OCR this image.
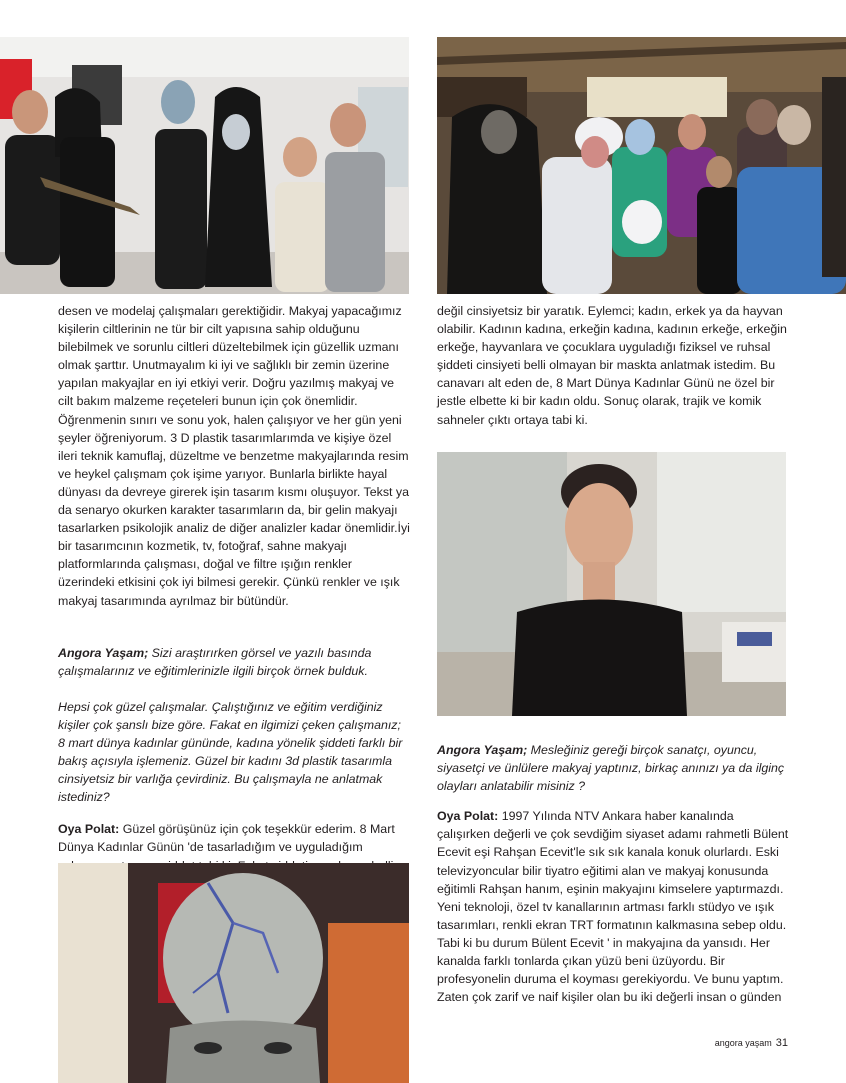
desen ve modelaj çalışmaları gerektiğidir. Makyaj yapacağımız kişilerin ciltlerinin ne tür bir cilt yapısına sahip olduğunu bilebilmek ve sorunlu ciltleri düzeltebilmek için güzellik uzmanı olmak şarttır. Unutmayalım ki iyi ve sağlıklı bir zemin üzerine yapılan makyajlar en iyi etkiyi verir. Doğru yazılmış makyaj ve cilt bakım malzeme reçeteleri bunun için çok önemlidir. Öğrenmenin sınırı ve sonu yok, halen çalışıyor ve her gün yeni şeyler öğreniyorum. 3 D plastik tasarımlarımda ve kişiye özel ileri teknik kamuflaj, düzeltme ve benzetme makyajlarında resim ve heykel çalışmam çok işime yarıyor. Bunlarla birlikte hayal dünyası da devreye girerek işin tasarım kısmı oluşuyor. Tekst ya da senaryo okurken karakter tasarımların da, bir gelin makyajı tasarlarken psikolojik analiz de diğer analizler kadar önemlidir.İyi bir tasarımcının kozmetik, tv, fotoğraf, sahne makyajı platformlarında çalışması, doğal ve filtre ışığın renkler üzerindeki etkisini çok iyi bilmesi gerekir. Çünkü renkler ve ışık makyaj tasarımında ayrılmaz bir bütündür.

Angora Yaşam; Sizi araştırırken görsel ve yazılı basında çalışmalarınız ve eğitimlerinizle ilgili birçok örnek bulduk.

Hepsi çok güzel çalışmalar. Çalıştığınız ve eğitim verdiğiniz kişiler çok şanslı bize göre. Fakat en ilgimizi çeken çalışmanız; 8 mart dünya kadınlar gününde, kadına yönelik şiddeti farklı bir bakış açısıyla işlemeniz. Güzel bir kadını 3d plastik tasarımla cinsiyetsiz bir varlığa çevirdiniz. Bu çalışmayla ne anlatmak istediniz?

Oya Polat: Güzel görüşünüz için çok teşekkür ederim. 8 Mart Dünya Kadınlar Günün 'de tasarladığım ve uyguladığım

değil cinsiyetsiz bir yaratık. Eylemci; kadın, erkek ya da hayvan olabilir. Kadının kadına, erkeğin kadına, kadının erkeğe, erkeğin erkeğe, hayvanlara ve çocuklara uyguladığı fiziksel ve ruhsal şiddeti cinsiyeti belli olmayan bir maskta anlatmak istedim. Bu canavarı alt eden de, 8 Mart Dünya Kadınlar Günü ne özel bir jestle elbette ki bir kadın oldu. Sonuç olarak, trajik ve komik sahneler çıktı ortaya tabi ki.

Angora Yaşam; Mesleğiniz gereği birçok sanatçı, oyuncu, siyasetçi ve ünlülere makyaj yaptınız, birkaç anınızı ya da ilginç olayları anlatabilir misiniz ?

Oya Polat: 1997 Yılında NTV Ankara haber kanalında çalışırken değerli ve çok sevdiğim siyaset adamı rahmetli Bülent Ecevit eşi Rahşan Ecevit'le sık sık kanala konuk olurlardı. Eski televizyoncular bilir tiyatro eğitimi alan ve makyaj konusunda eğitimli Rahşan hanım, eşinin makyajını kimselere yaptırmazdı. Yeni teknoloji, özel tv kanallarının artması farklı stüdyo ve ışık tasarımları, renkli ekran TRT formatının kalkmasına sebep oldu. Tabi ki bu durum Bülent Ecevit ' in makyajına da yansıdı. Her kanalda farklı tonlarda çıkan yüzü beni üzüyordu. Bir profesyonelin duruma el koyması gerekiyordu. Ve bunu yaptım. Zaten çok zarif ve naif kişiler olan bu iki değerli insan o günden

angora yaşam 31
